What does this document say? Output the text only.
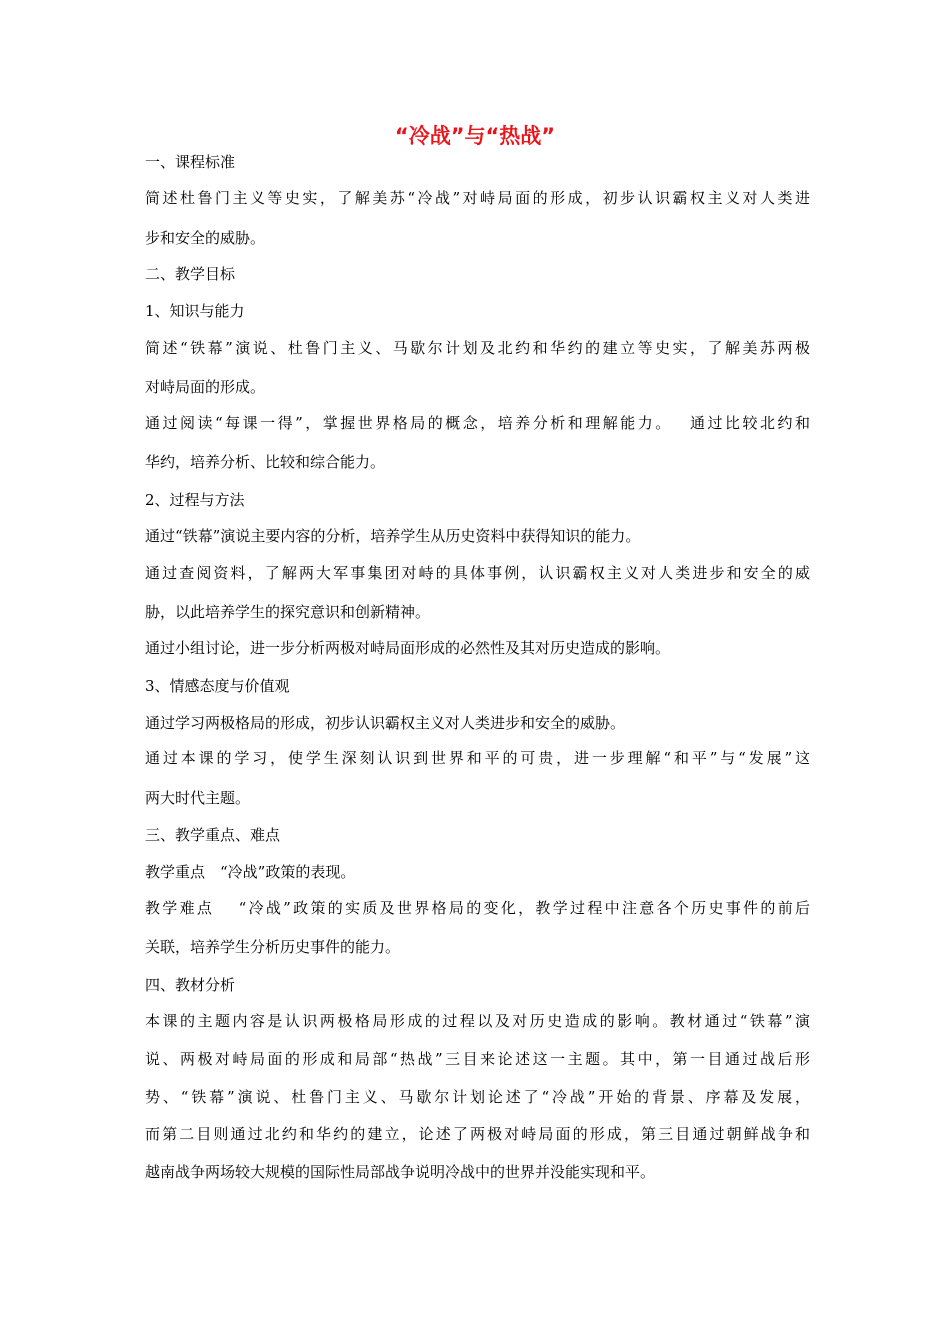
“冷战”与“热战”
一、课程标准
简述杜鲁门主义等史实，了解美苏“冷战”对峙局面的形成，初步认识霸权主义对人类进
步和安全的威胁。
二、教学目标
1、知识与能力
简述“铁幕”演说、杜鲁门主义、马歇尔计划及北约和华约的建立等史实，了解美苏两极
对峙局面的形成。
通过阅读“每课一得”，掌握世界格局的概念，培养分析和理解能力。　 通过比较北约和
华约，培养分析、比较和综合能力。
2、过程与方法
通过“铁幕”演说主要内容的分析，培养学生从历史资料中获得知识的能力。
通过查阅资料，了解两大军事集团对峙的具体事例，认识霸权主义对人类进步和安全的威
胁，以此培养学生的探究意识和创新精神。
通过小组讨论，进一步分析两极对峙局面形成的必然性及其对历史造成的影响。
3、情感态度与价值观
通过学习两极格局的形成，初步认识霸权主义对人类进步和安全的威胁。
通过本课的学习，使学生深刻认识到世界和平的可贵，进一步理解“和平”与“发展”这
两大时代主题。
三、教学重点、难点
教学重点　“冷战”政策的表现。
教学难点　 “冷战”政策的实质及世界格局的变化，教学过程中注意各个历史事件的前后
关联，培养学生分析历史事件的能力。
四、教材分析
本课的主题内容是认识两极格局形成的过程以及对历史造成的影响。教材通过“铁幕”演
说、两极对峙局面的形成和局部“热战”三目来论述这一主题。其中，第一目通过战后形
势、“铁幕”演说、杜鲁门主义、马歇尔计划论述了“冷战”开始的背景、序幕及发展，
而第二目则通过北约和华约的建立，论述了两极对峙局面的形成，第三目通过朝鲜战争和
越南战争两场较大规模的国际性局部战争说明冷战中的世界并没能实现和平。
